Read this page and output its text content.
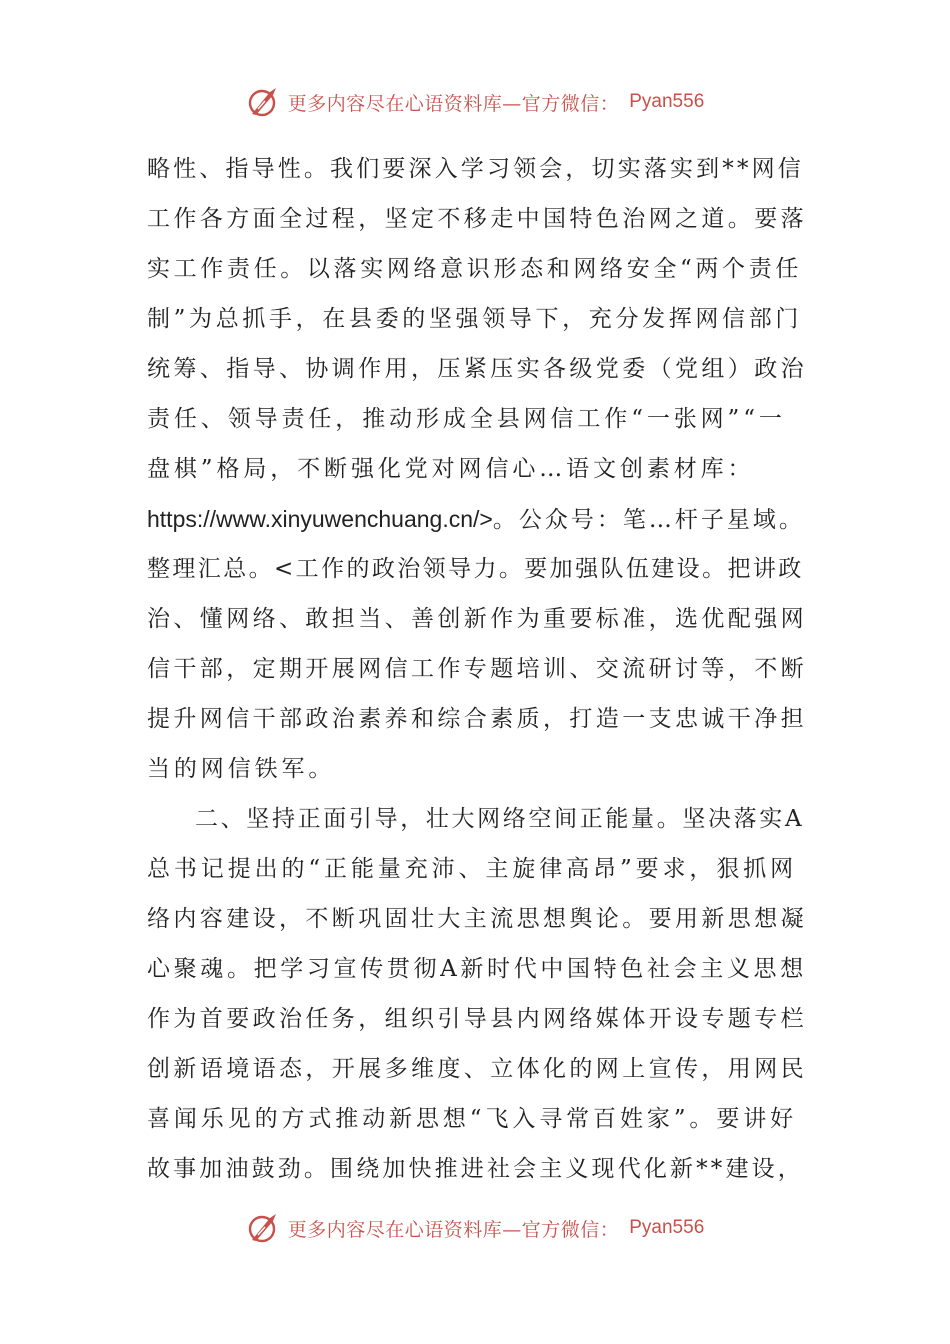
更多内容尽在心语资料库—官方微信： Pyan556
略性、指导性。我们要深入学习领会，切实落实到**网信
工作各方面全过程，坚定不移走中国特色治网之道。要落
实工作责任。以落实网络意识形态和网络安全“两个责任
制”为总抓手，在县委的坚强领导下，充分发挥网信部门
统筹、指导、协调作用，压紧压实各级党委（党组）政治
责任、领导责任，推动形成全县网信工作“一张网”“一
盘棋”格局，不断强化党对网信心…语文创素材库：
https://www.xinyuwenchuang.cn/>。公众号：笔…杆子星域。
整理汇总。<工作的政治领导力。要加强队伍建设。把讲政
治、懂网络、敢担当、善创新作为重要标准，选优配强网
信干部，定期开展网信工作专题培训、交流研讨等，不断
提升网信干部政治素养和综合素质，打造一支忠诚干净担
当的网信铁军。
二、坚持正面引导，壮大网络空间正能量。坚决落实A
总书记提出的“正能量充沛、主旋律高昂”要求，狠抓网
络内容建设，不断巩固壮大主流思想舆论。要用新思想凝
心聚魂。把学习宣传贯彻A新时代中国特色社会主义思想
作为首要政治任务，组织引导县内网络媒体开设专题专栏
创新语境语态，开展多维度、立体化的网上宣传，用网民
喜闻乐见的方式推动新思想“飞入寻常百姓家”。要讲好
故事加油鼓劲。围绕加快推进社会主义现代化新**建设，
更多内容尽在心语资料库—官方微信： Pyan556
